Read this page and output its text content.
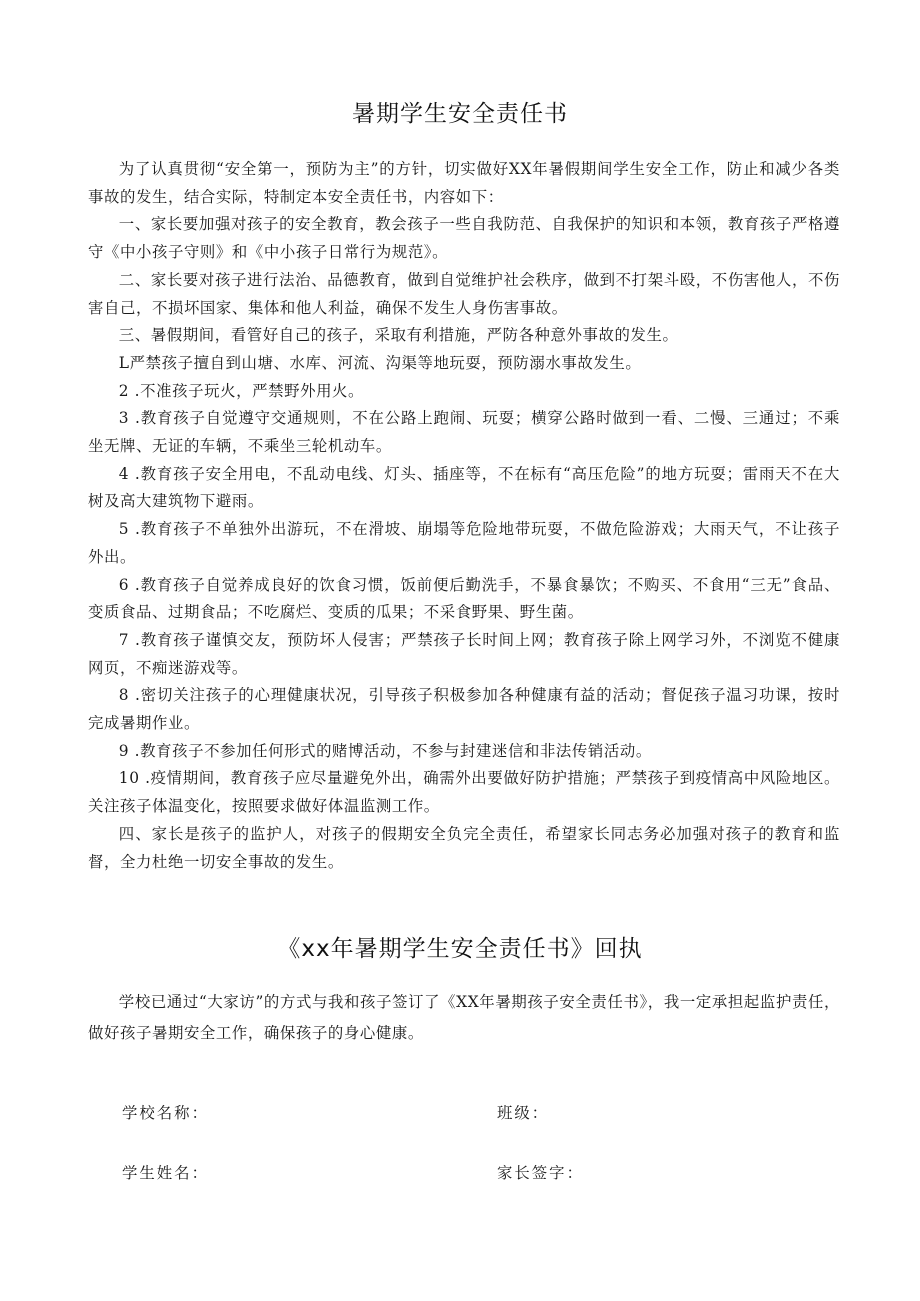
暑期学生安全责任书

为了认真贯彻“安全第一，预防为主”的方针，切实做好XX年暑假期间学生安全工作，防止和减少各类事故的发生，结合实际，特制定本安全责任书，内容如下：

一、家长要加强对孩子的安全教育，教会孩子一些自我防范、自我保护的知识和本领，教育孩子严格遵守《中小孩子守则》和《中小孩子日常行为规范》。

二、家长要对孩子进行法治、品德教育，做到自觉维护社会秩序，做到不打架斗殴，不伤害他人，不伤害自己，不损坏国家、集体和他人利益，确保不发生人身伤害事故。

三、暑假期间，看管好自己的孩子，采取有利措施，严防各种意外事故的发生。

L严禁孩子擅自到山塘、水库、河流、沟渠等地玩耍，预防溺水事故发生。

2 .不准孩子玩火，严禁野外用火。

3 .教育孩子自觉遵守交通规则，不在公路上跑闹、玩耍；横穿公路时做到一看、二慢、三通过；不乘坐无牌、无证的车辆，不乘坐三轮机动车。

4 .教育孩子安全用电，不乱动电线、灯头、插座等，不在标有“高压危险”的地方玩耍；雷雨天不在大树及高大建筑物下避雨。

5 .教育孩子不单独外出游玩，不在滑坡、崩塌等危险地带玩耍，不做危险游戏；大雨天气，不让孩子外出。

6 .教育孩子自觉养成良好的饮食习惯，饭前便后勤洗手，不暴食暴饮；不购买、不食用“三无”食品、变质食品、过期食品；不吃腐烂、变质的瓜果；不采食野果、野生菌。

7 .教育孩子谨慎交友，预防坏人侵害；严禁孩子长时间上网；教育孩子除上网学习外，不浏览不健康网页，不痴迷游戏等。

8 .密切关注孩子的心理健康状况，引导孩子积极参加各种健康有益的活动；督促孩子温习功课，按时完成暑期作业。

9 .教育孩子不参加任何形式的赌博活动，不参与封建迷信和非法传销活动。

10 .疫情期间，教育孩子应尽量避免外出，确需外出要做好防护措施；严禁孩子到疫情高中风险地区。关注孩子体温变化，按照要求做好体温监测工作。

四、家长是孩子的监护人，对孩子的假期安全负完全责任，希望家长同志务必加强对孩子的教育和监督，全力杜绝一切安全事故的发生。

《xx年暑期学生安全责任书》回执

学校已通过“大家访”的方式与我和孩子签订了《XX年暑期孩子安全责任书》，我一定承担起监护责任，做好孩子暑期安全工作，确保孩子的身心健康。

学校名称：	班级：
学生姓名：	家长签字：
